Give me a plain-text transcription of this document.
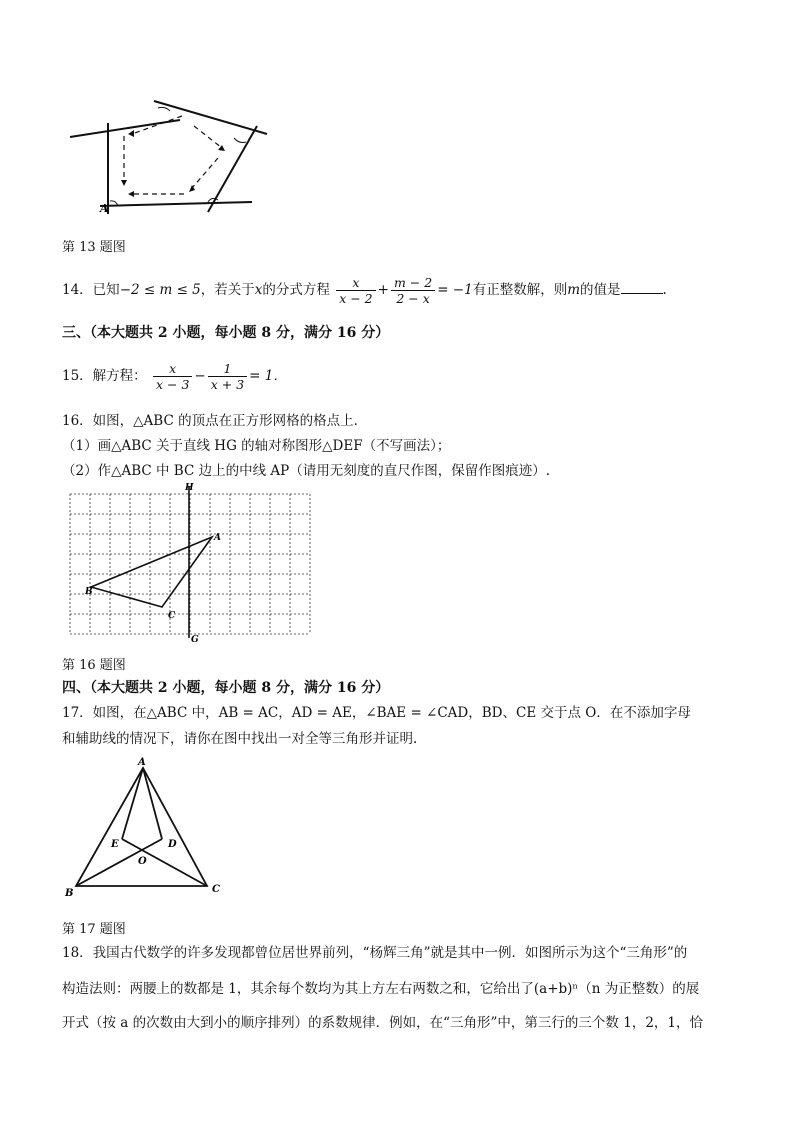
A
第 13 题图
14．已知−2 ≤ m ≤ 5，若关于x的分式方程 $\frac{x}{x - 2} + \frac{m - 2}{2 - x} = -1$有正整数解，则m的值是	.
三、（本大题共 2 小题，每小题 8 分，满分 16 分）
15．解方程： $\frac{x}{x - 3} - \frac{1}{x + 3} = 1$．
16．如图，△ABC 的顶点在正方形网格的格点上．
（1）画△ABC 关于直线 HG 的轴对称图形△DEF（不写画法）；
（2）作△ABC 中 BC 边上的中线 AP（请用无刻度的直尺作图，保留作图痕迹）.
H
G
A
B
C
第 16 题图
四、（本大题共 2 小题，每小题 8 分，满分 16 分）
17．如图，在△ABC 中，AB = AC，AD = AE，∠BAE = ∠CAD，BD、CE 交于点 O．在不添加字母
和辅助线的情况下，请你在图中找出一对全等三角形并证明.
A
B	C
E	D
O
第 17 题图
18．我国古代数学的许多发现都曾位居世界前列，“杨辉三角”就是其中一例．如图所示为这个“三角形”的
构造法则：两腰上的数都是 1，其余每个数均为其上方左右两数之和，它给出了(a+b)ⁿ（n 为正整数）的展
开式（按 a 的次数由大到小的顺序排列）的系数规律．例如，在“三角形”中，第三行的三个数 1，2，1，恰
